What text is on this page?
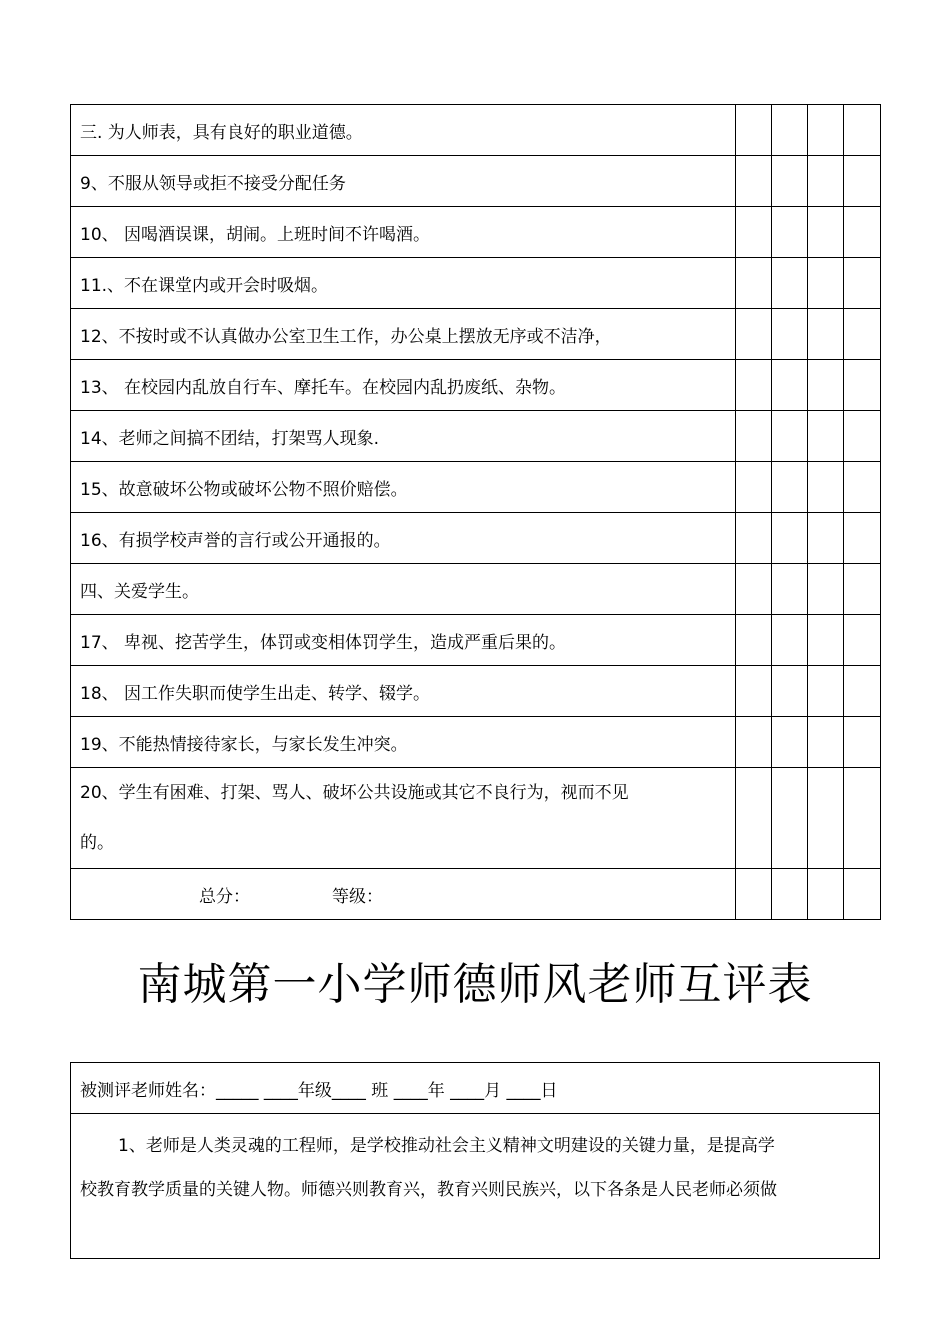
三. 为人师表，具有良好的职业道德。				
9、不服从领导或拒不接受分配任务				
10、 因喝酒误课，胡闹。上班时间不许喝酒。				
11.、不在课堂内或开会时吸烟。				
12、不按时或不认真做办公室卫生工作，办公桌上摆放无序或不洁净，				
13、 在校园内乱放自行车、摩托车。在校园内乱扔废纸、杂物。				
14、老师之间搞不团结，打架骂人现象.				
15、故意破坏公物或破坏公物不照价赔偿。				
16、有损学校声誉的言行或公开通报的。				
四、关爱学生。				
17、 卑视、挖苦学生，体罚或变相体罚学生，造成严重后果的。				
18、 因工作失职而使学生出走、转学、辍学。				
19、不能热情接待家长，与家长发生冲突。				
20、学生有困难、打架、骂人、破坏公共设施或其它不良行为，视而不见
的。				
总分： 等级：				
南城第一小学师德师风老师互评表
被测评老师姓名：_____ ____年级____ 班 ____年 ____月 ____日
1、老师是人类灵魂的工程师，是学校推动社会主义精神文明建设的关键力量，是提高学
校教育教学质量的关键人物。师德兴则教育兴，教育兴则民族兴，以下各条是人民老师必须做
